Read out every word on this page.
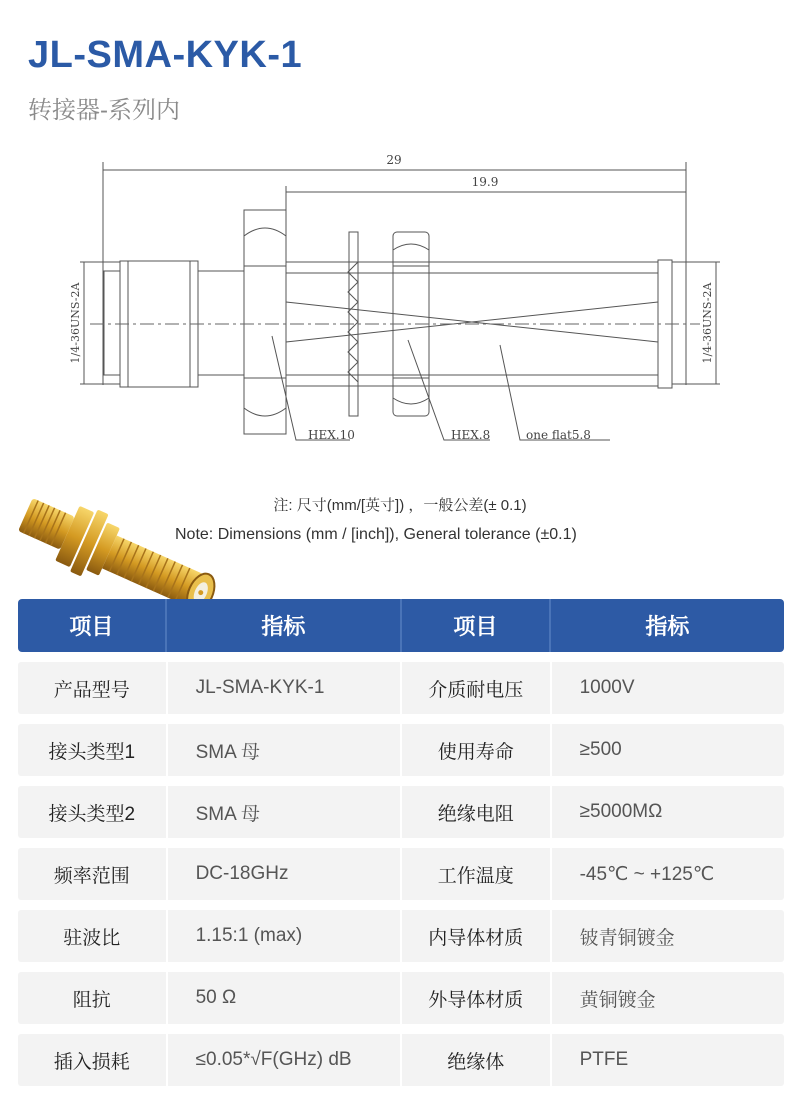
JL-SMA-KYK-1
转接器-系列内
29
19.9
1/4-36UNS-2A	1/4-36UNS-2A
HEX.10	HEX.8	one flat5.8
注: 尺寸(mm/[英寸]) ，一般公差(± 0.1)
Note: Dimensions (mm / [inch]), General tolerance (±0.1)
项目	指标	项目	指标
产品型号	JL-SMA-KYK-1	介质耐电压	1000V
接头类型1	SMA 母	使用寿命	≥500
接头类型2	SMA 母	绝缘电阻	≥5000MΩ
频率范围	DC-18GHz	工作温度	-45℃ ~ +125℃
驻波比	1.15:1 (max)	内导体材质	铍青铜镀金
阻抗	50 Ω	外导体材质	黄铜镀金
插入损耗	≤0.05*√F(GHz) dB	绝缘体	PTFE
